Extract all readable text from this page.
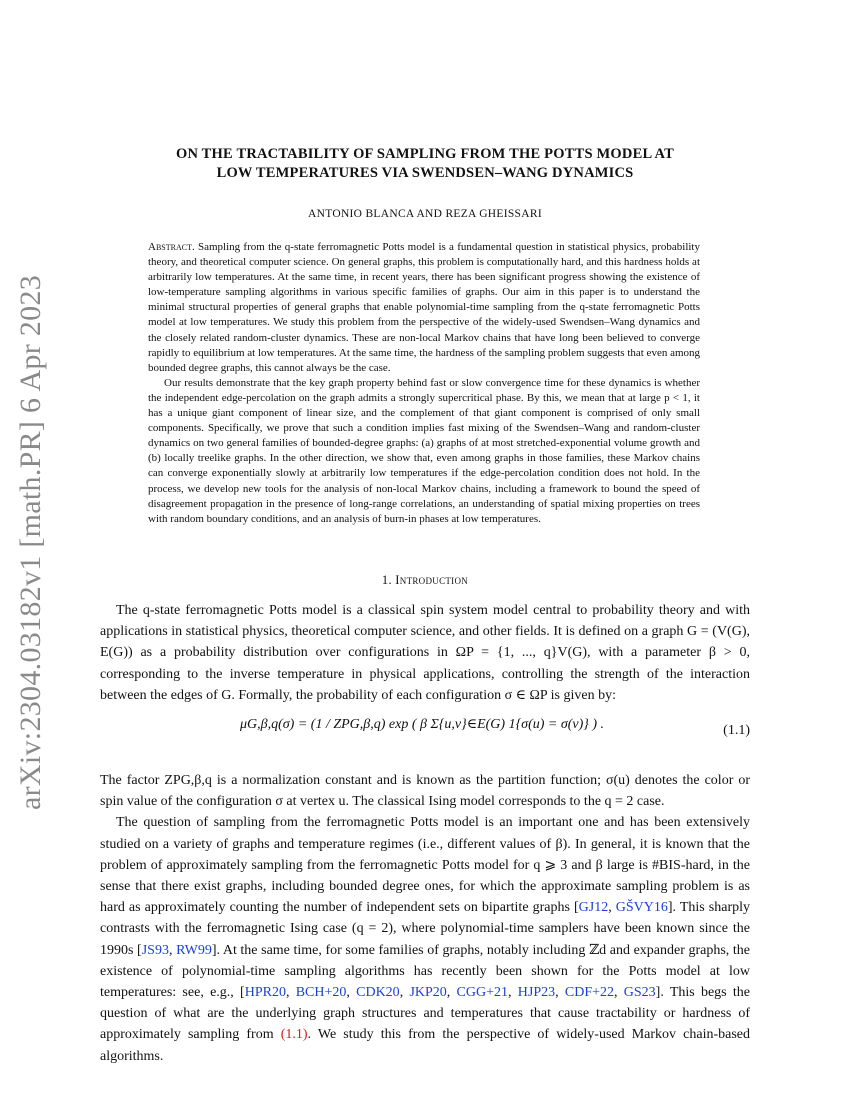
arXiv:2304.03182v1 [math.PR] 6 Apr 2023
ON THE TRACTABILITY OF SAMPLING FROM THE POTTS MODEL AT
LOW TEMPERATURES VIA SWENDSEN–WANG DYNAMICS
ANTONIO BLANCA AND REZA GHEISSARI

Abstract. Sampling from the q-state ferromagnetic Potts model is a fundamental question in statistical physics, probability theory, and theoretical computer science. On general graphs, this problem is computationally hard, and this hardness holds at arbitrarily low temperatures. At the same time, in recent years, there has been significant progress showing the existence of low-temperature sampling algorithms in various specific families of graphs. Our aim in this paper is to understand the minimal structural properties of general graphs that enable polynomial-time sampling from the q-state ferromagnetic Potts model at low temperatures. We study this problem from the perspective of the widely-used Swendsen–Wang dynamics and the closely related random-cluster dynamics. These are non-local Markov chains that have long been believed to converge rapidly to equilibrium at low temperatures. At the same time, the hardness of the sampling problem suggests that even among bounded degree graphs, this cannot always be the case.

Our results demonstrate that the key graph property behind fast or slow convergence time for these dynamics is whether the independent edge-percolation on the graph admits a strongly supercritical phase. By this, we mean that at large p < 1, it has a unique giant component of linear size, and the complement of that giant component is comprised of only small components. Specifically, we prove that such a condition implies fast mixing of the Swendsen–Wang and random-cluster dynamics on two general families of bounded-degree graphs: (a) graphs of at most stretched-exponential volume growth and (b) locally treelike graphs. In the other direction, we show that, even among graphs in those families, these Markov chains can converge exponentially slowly at arbitrarily low temperatures if the edge-percolation condition does not hold. In the process, we develop new tools for the analysis of non-local Markov chains, including a framework to bound the speed of disagreement propagation in the presence of long-range correlations, an understanding of spatial mixing properties on trees with random boundary conditions, and an analysis of burn-in phases at low temperatures.

1. Introduction

The q-state ferromagnetic Potts model is a classical spin system model central to probability theory and with applications in statistical physics, theoretical computer science, and other fields. It is defined on a graph G = (V(G), E(G)) as a probability distribution over configurations in ΩP = {1, ..., q}V(G), with a parameter β > 0, corresponding to the inverse temperature in physical applications, controlling the strength of the interaction between the edges of G. Formally, the probability of each configuration σ ∈ ΩP is given by:

μG,β,q(σ) = (1 / ZPG,β,q) exp ( β Σ{u,v}∈E(G) 1{σ(u) = σ(v)} ) .	(1.1)

The factor ZPG,β,q is a normalization constant and is known as the partition function; σ(u) denotes the color or spin value of the configuration σ at vertex u. The classical Ising model corresponds to the q = 2 case.

The question of sampling from the ferromagnetic Potts model is an important one and has been extensively studied on a variety of graphs and temperature regimes (i.e., different values of β). In general, it is known that the problem of approximately sampling from the ferromagnetic Potts model for q ⩾ 3 and β large is #BIS-hard, in the sense that there exist graphs, including bounded degree ones, for which the approximate sampling problem is as hard as approximately counting the number of independent sets on bipartite graphs [GJ12, GŠVY16]. This sharply contrasts with the ferromagnetic Ising case (q = 2), where polynomial-time samplers have been known since the 1990s [JS93, RW99]. At the same time, for some families of graphs, notably including ℤd and expander graphs, the existence of polynomial-time sampling algorithms has recently been shown for the Potts model at low temperatures: see, e.g., [HPR20, BCH+20, CDK20, JKP20, CGG+21, HJP23, CDF+22, GS23]. This begs the question of what are the underlying graph structures and temperatures that cause tractability or hardness of approximately sampling from (1.1). We study this from the perspective of widely-used Markov chain-based algorithms.
